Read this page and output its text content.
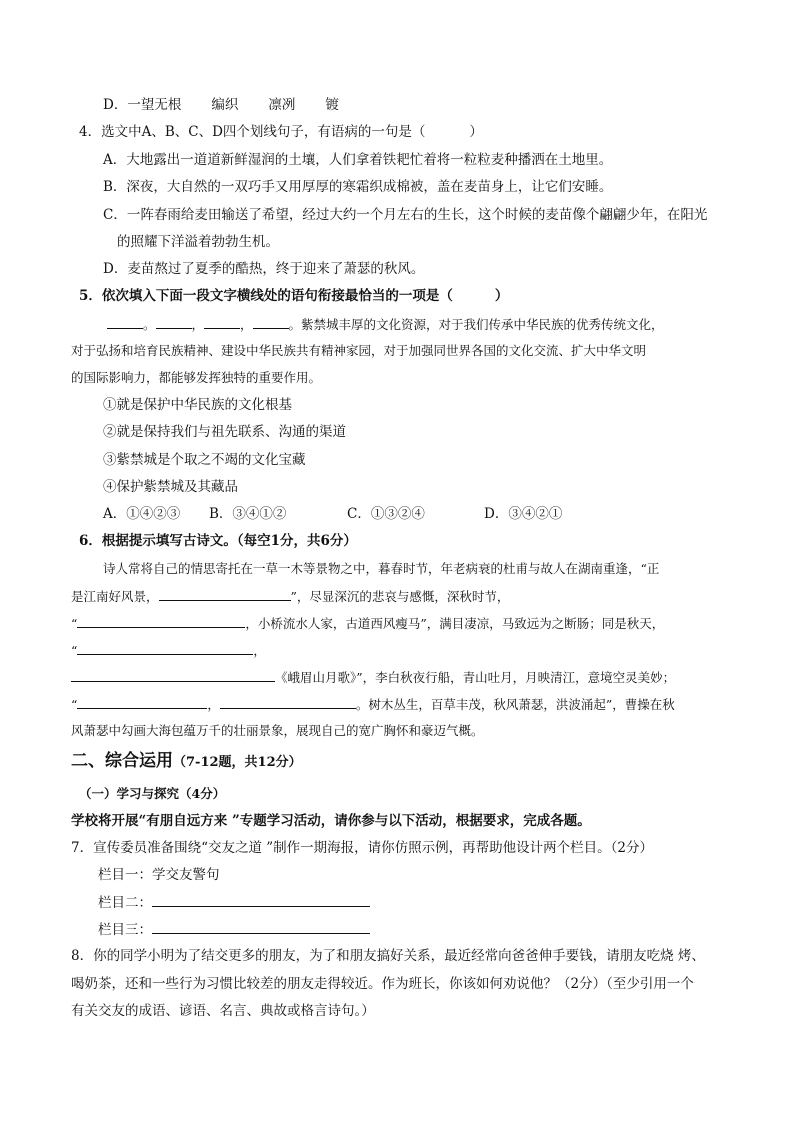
D．一望无根 编织 凛冽 镀
4．选文中A、B、C、D四个划线句子，有语病的一句是（	）
A．大地露出一道道新鲜湿润的土壤，人们拿着铁耙忙着将一粒粒麦种播洒在土地里。
B．深夜，大自然的一双巧手又用厚厚的寒霜织成棉被，盖在麦苗身上，让它们安睡。
C．一阵春雨给麦田输送了希望，经过大约一个月左右的生长，这个时候的麦苗像个翩翩少年，在阳光
的照耀下洋溢着勃勃生机。
D．麦苗熬过了夏季的酷热，终于迎来了萧瑟的秋风。
5．依次填入下面一段文字横线处的语句衔接最恰当的一项是（	）
。	，	，	。紫禁城丰厚的文化资源，对于我们传承中华民族的优秀传统文化，
对于弘扬和培育民族精神、建设中华民族共有精神家园，对于加强同世界各国的文化交流、扩大中华文明
的国际影响力，都能够发挥独特的重要作用。
①就是保护中华民族的文化根基
②就是保持我们与祖先联系、沟通的渠道
③紫禁城是个取之不竭的文化宝藏
④保护紫禁城及其藏品
A．①④②③ B．③④①②	C．①③②④	D．③④②①
6．根据提示填写古诗文。（每空1分，共6分）
诗人常将自己的情思寄托在一草一木等景物之中，暮春时节，年老病衰的杜甫与故人在湖南重逢，“正
是江南好风景，	”，尽显深沉的悲哀与感慨，深秋时节，
“	，小桥流水人家，古道西风瘦马”，满目凄凉，马致远为之断肠；同是秋天，
“	，
《峨眉山月歌》”，李白秋夜行船，青山吐月，月映清江，意境空灵美妙；
“	，	。树木丛生，百草丰茂，秋风萧瑟，洪波涌起”，曹操在秋
风萧瑟中勾画大海包蕴万千的壮丽景象，展现自己的宽广胸怀和豪迈气概。
二、综合运用（7-12题，共12分）
（一）学习与探究（4分）
学校将开展“有朋自远方来 ”专题学习活动，请你参与以下活动，根据要求，完成各题。
7．宣传委员准备围绕“交友之道 ”制作一期海报，请你仿照示例，再帮助他设计两个栏目。（2分）
栏目一：学交友警句
栏目二：
栏目三：
8．你的同学小明为了结交更多的朋友，为了和朋友搞好关系，最近经常向爸爸伸手要钱，请朋友吃烧 烤、
喝奶茶，还和一些行为习惯比较差的朋友走得较近。作为班长，你该如何劝说他？（2分）（至少引用一个
有关交友的成语、谚语、名言、典故或格言诗句。）
